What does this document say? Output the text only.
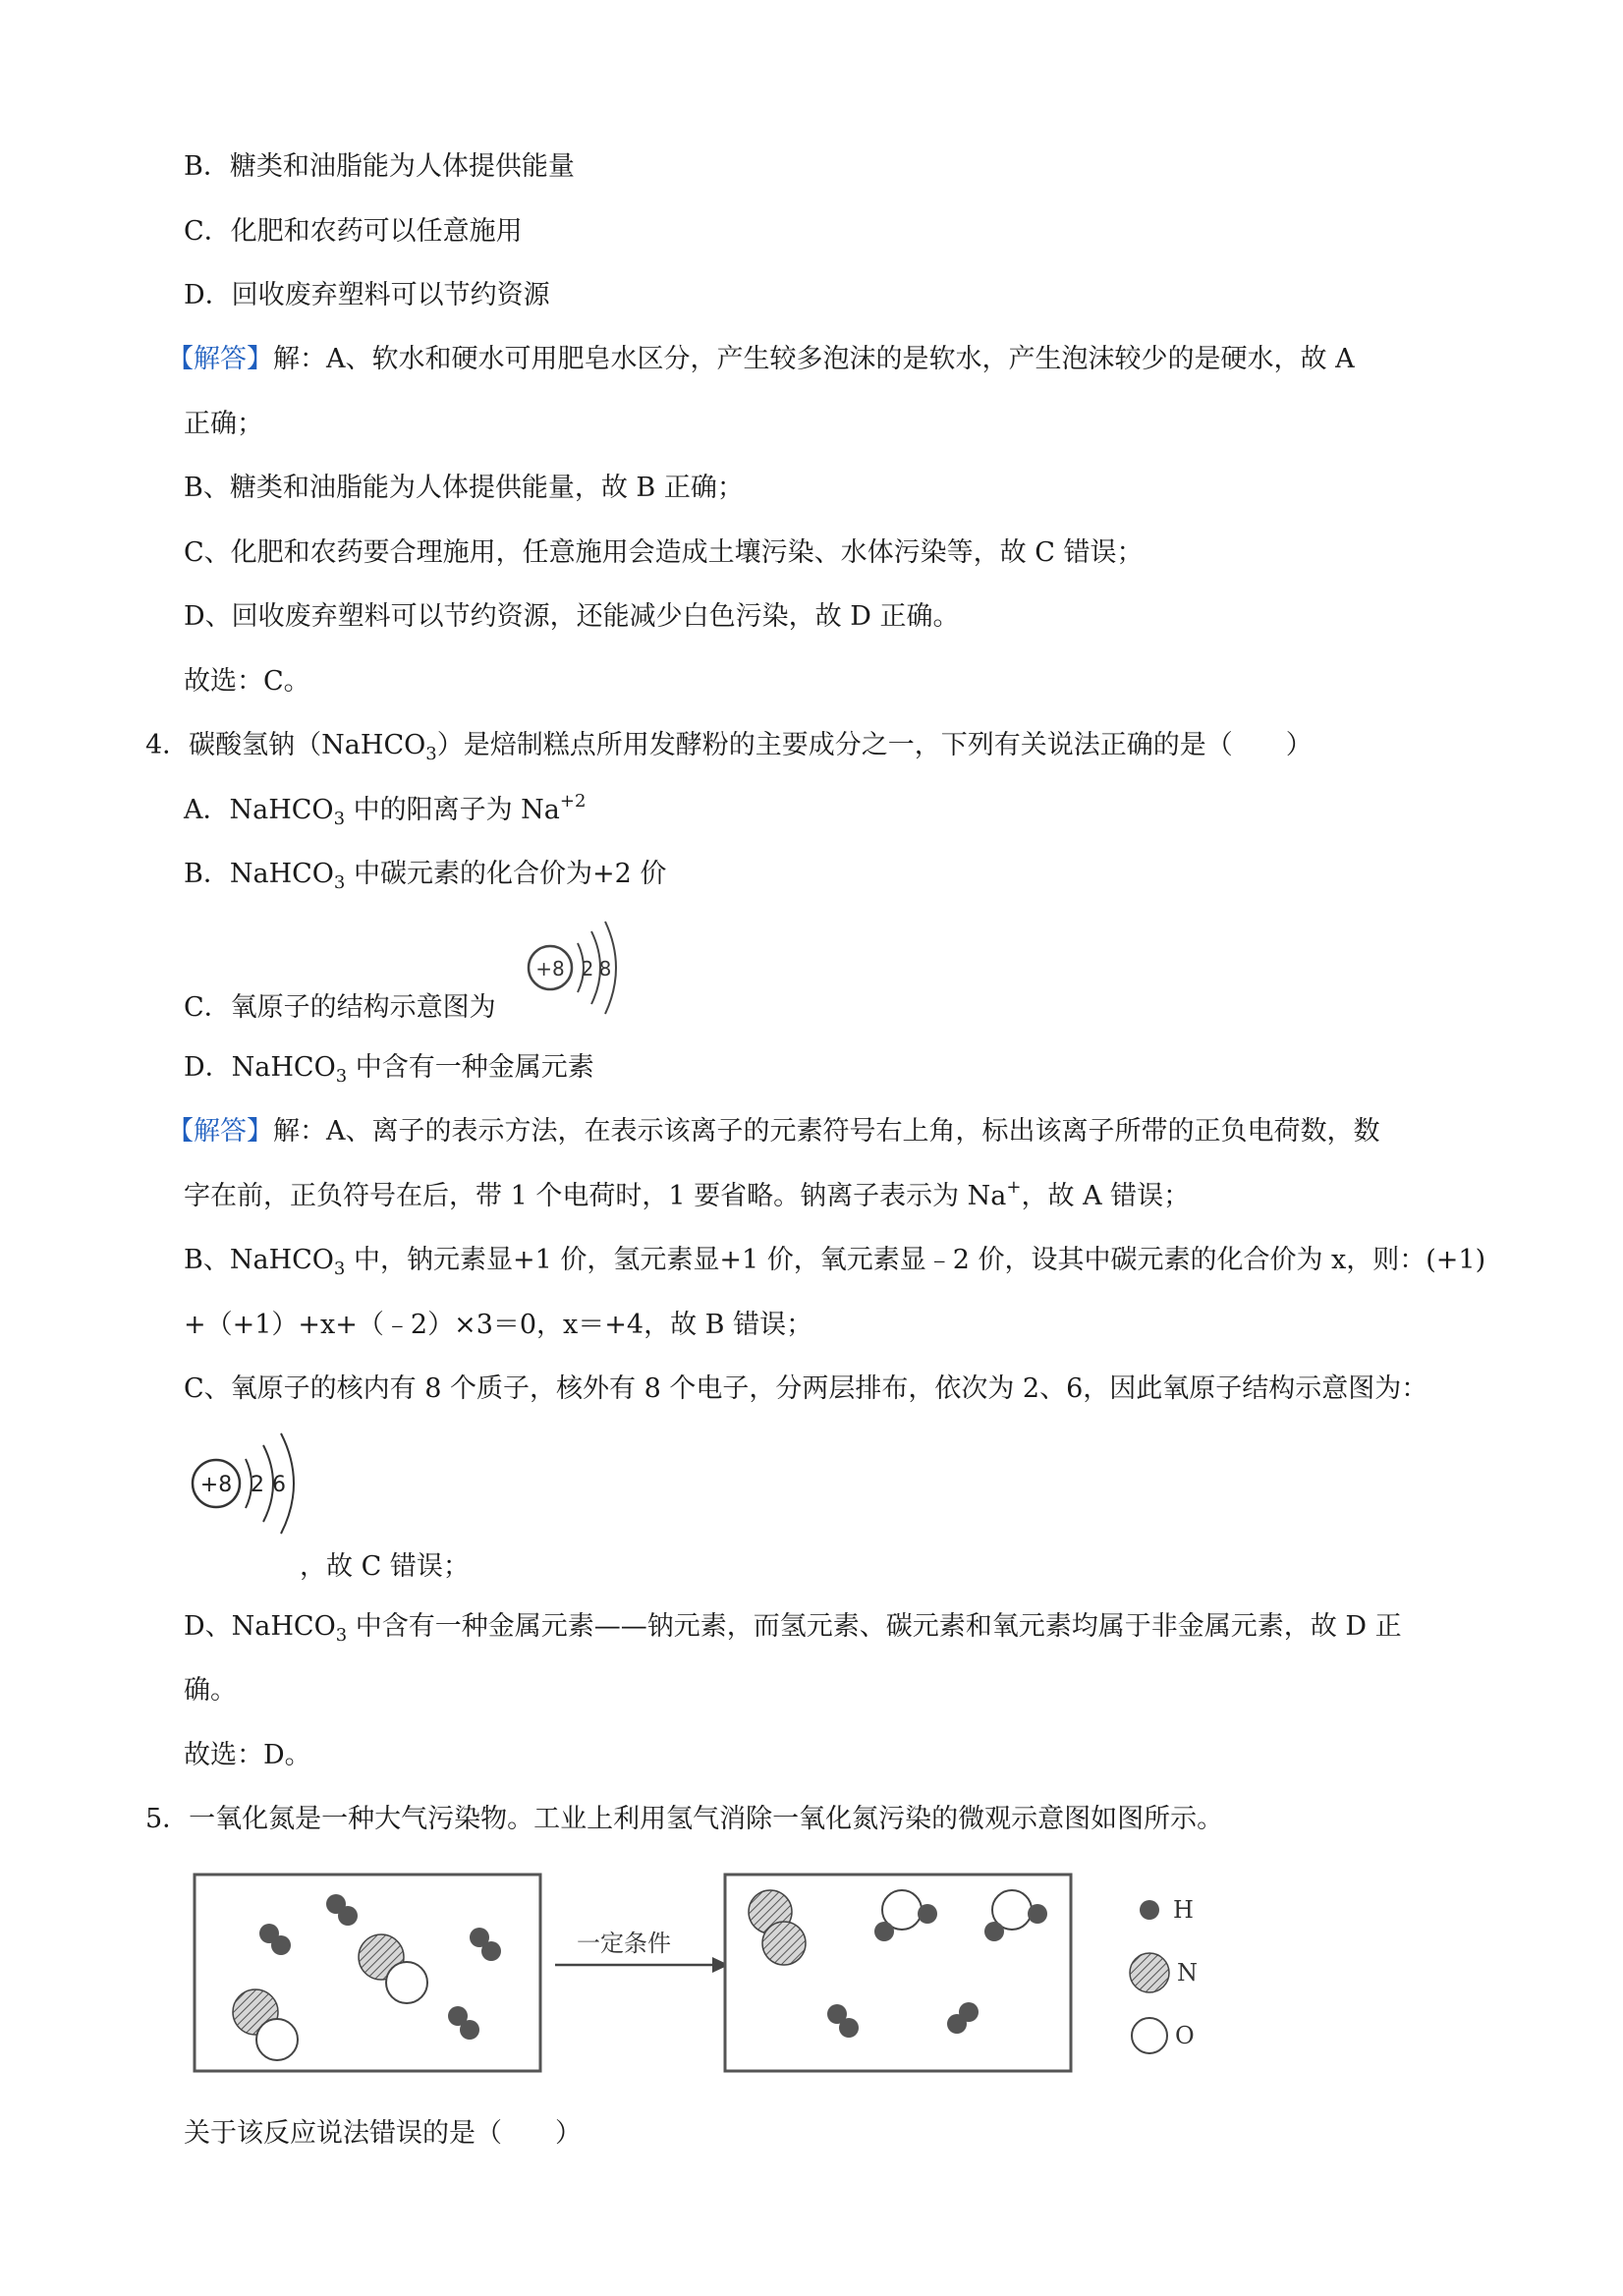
B．糖类和油脂能为人体提供能量
C．化肥和农药可以任意施用
D．回收废弃塑料可以节约资源
【解答】解：A、软水和硬水可用肥皂水区分，产生较多泡沫的是软水，产生泡沫较少的是硬水，故 A
正确；
B、糖类和油脂能为人体提供能量，故 B 正确；
C、化肥和农药要合理施用，任意施用会造成土壤污染、水体污染等，故 C 错误；
D、回收废弃塑料可以节约资源，还能减少白色污染，故 D 正确。
故选：C。
4．碳酸氢钠（NaHCO$_3$）是焙制糕点所用发酵粉的主要成分之一，下列有关说法正确的是（　　）
A．NaHCO$_3$ 中的阳离子为 $Na^{+2}$
B．NaHCO$_3$ 中碳元素的化合价为+2 价
C．氧原子的结构示意图为
+8 2 8
D．NaHCO$_3$ 中含有一种金属元素
【解答】解：A、离子的表示方法，在表示该离子的元素符号右上角，标出该离子所带的正负电荷数，数
字在前，正负符号在后，带 1 个电荷时，1 要省略。钠离子表示为 Na+，故 A 错误；
B、NaHCO$_3$ 中，钠元素显+1 价，氢元素显+1 价，氧元素显﹣2 价，设其中碳元素的化合价为 x，则：(+1)
+（+1）+x+（﹣2）×3＝0，x＝+4，故 B 错误；
C、氧原子的核内有 8 个质子，核外有 8 个电子，分两层排布，依次为 2、6，因此氧原子结构示意图为：
+8 2 6
，故 C 错误；
D、NaHCO$_3$ 中含有一种金属元素——钠元素，而氢元素、碳元素和氧元素均属于非金属元素，故 D 正
确。
故选：D。
5．一氧化氮是一种大气污染物。工业上利用氢气消除一氧化氮污染的微观示意图如图所示。
一定条件
H
N
O
关于该反应说法错误的是（　　）
